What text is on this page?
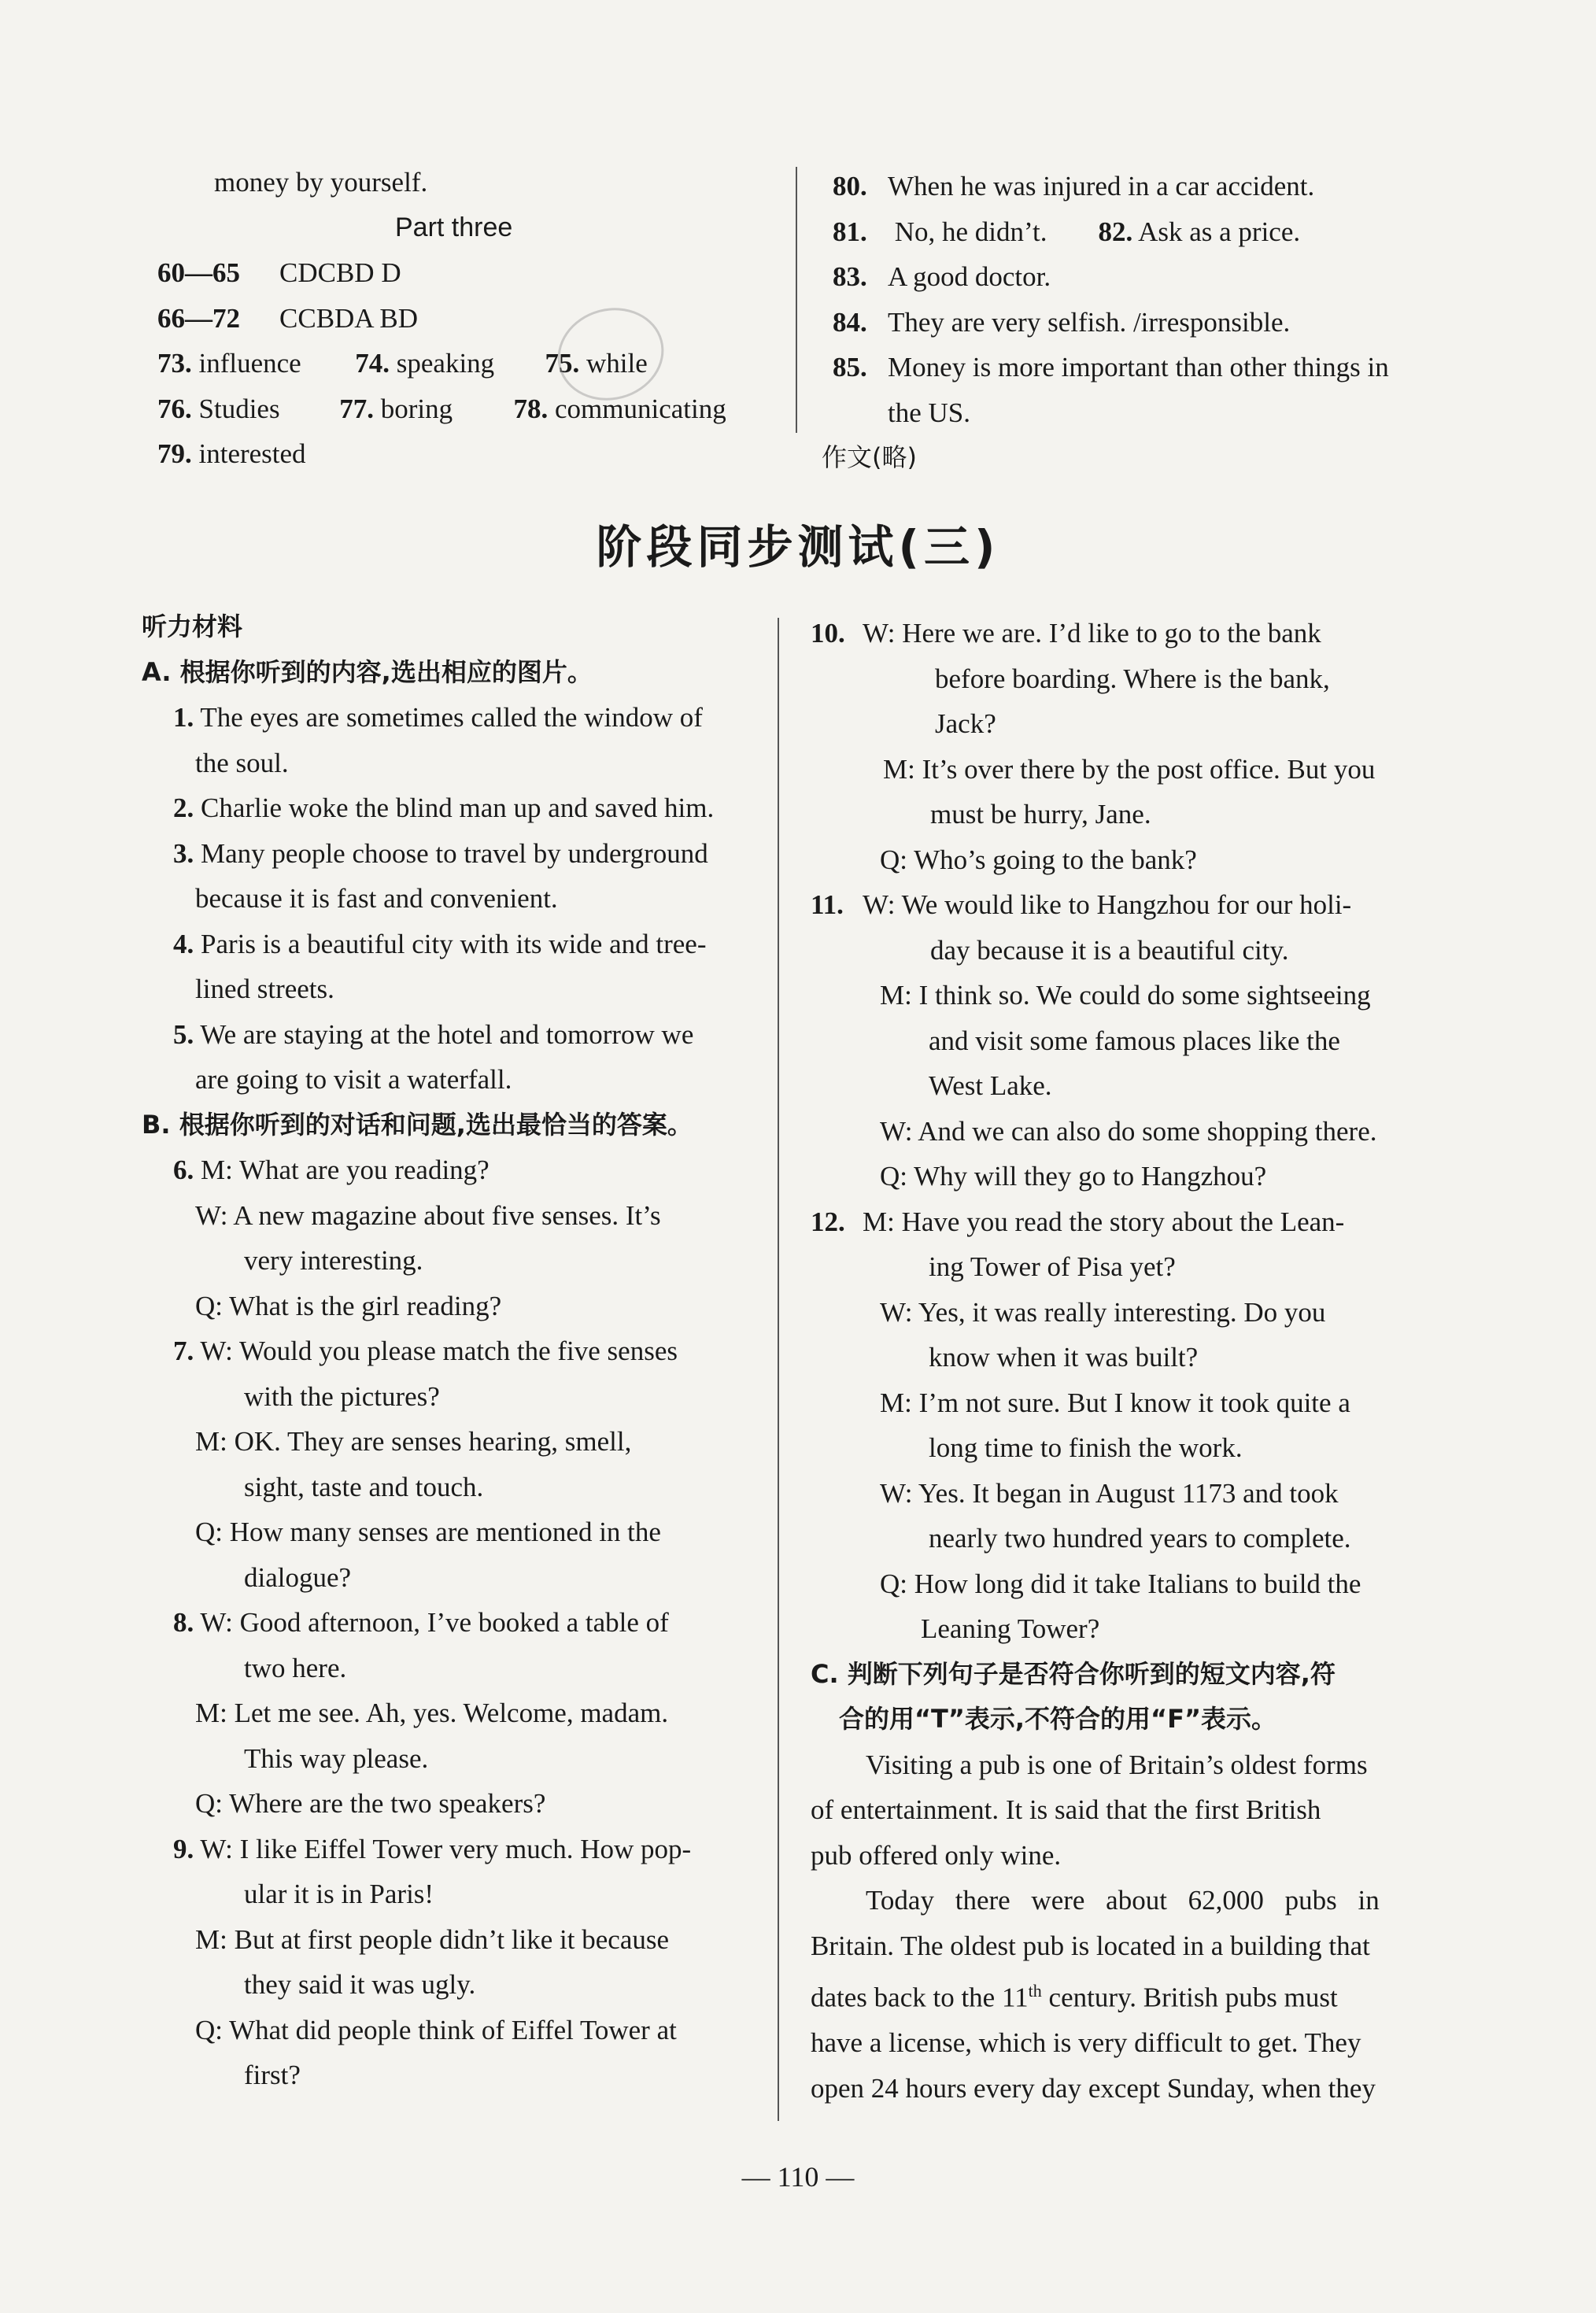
money by yourself.
Part three
60—65 CDCBD D
66—72 CCBDA BD
73. influence 74. speaking 75. while
76. Studies 77. boring 78. communicating
79. interested
80. When he was injured in a car accident.
81. No, he didn’t. 82. Ask as a price.
83. A good doctor.
84. They are very selfish. /irresponsible.
85. Money is more important than other things in
the US.
作文(略)
阶段同步测试(三)
听力材料
A. 根据你听到的内容,选出相应的图片。
1. The eyes are sometimes called the window of
the soul.
2. Charlie woke the blind man up and saved him.
3. Many people choose to travel by underground
because it is fast and convenient.
4. Paris is a beautiful city with its wide and tree-
lined streets.
5. We are staying at the hotel and tomorrow we
are going to visit a waterfall.
B. 根据你听到的对话和问题,选出最恰当的答案。
6. M: What are you reading?
W: A new magazine about five senses. It’s
very interesting.
Q: What is the girl reading?
7. W: Would you please match the five senses
with the pictures?
M: OK. They are senses hearing, smell,
sight, taste and touch.
Q: How many senses are mentioned in the
dialogue?
8. W: Good afternoon, I’ve booked a table of
two here.
M: Let me see. Ah, yes. Welcome, madam.
This way please.
Q: Where are the two speakers?
9. W: I like Eiffel Tower very much. How pop-
ular it is in Paris!
M: But at first people didn’t like it because
they said it was ugly.
Q: What did people think of Eiffel Tower at
first?
10. W: Here we are. I’d like to go to the bank
before boarding. Where is the bank,
Jack?
M: It’s over there by the post office. But you
must be hurry, Jane.
Q: Who’s going to the bank?
11. W: We would like to Hangzhou for our holi-
day because it is a beautiful city.
M: I think so. We could do some sightseeing
and visit some famous places like the
West Lake.
W: And we can also do some shopping there.
Q: Why will they go to Hangzhou?
12. M: Have you read the story about the Lean-
ing Tower of Pisa yet?
W: Yes, it was really interesting. Do you
know when it was built?
M: I’m not sure. But I know it took quite a
long time to finish the work.
W: Yes. It began in August 1173 and took
nearly two hundred years to complete.
Q: How long did it take Italians to build the
Leaning Tower?
C. 判断下列句子是否符合你听到的短文内容,符
合的用“T”表示,不符合的用“F”表示。
Visiting a pub is one of Britain’s oldest forms
of entertainment. It is said that the first British
pub offered only wine.
Today there were about 62,000 pubs in
Britain. The oldest pub is located in a building that
dates back to the 11th century. British pubs must
have a license, which is very difficult to get. They
open 24 hours every day except Sunday, when they
— 110 —
